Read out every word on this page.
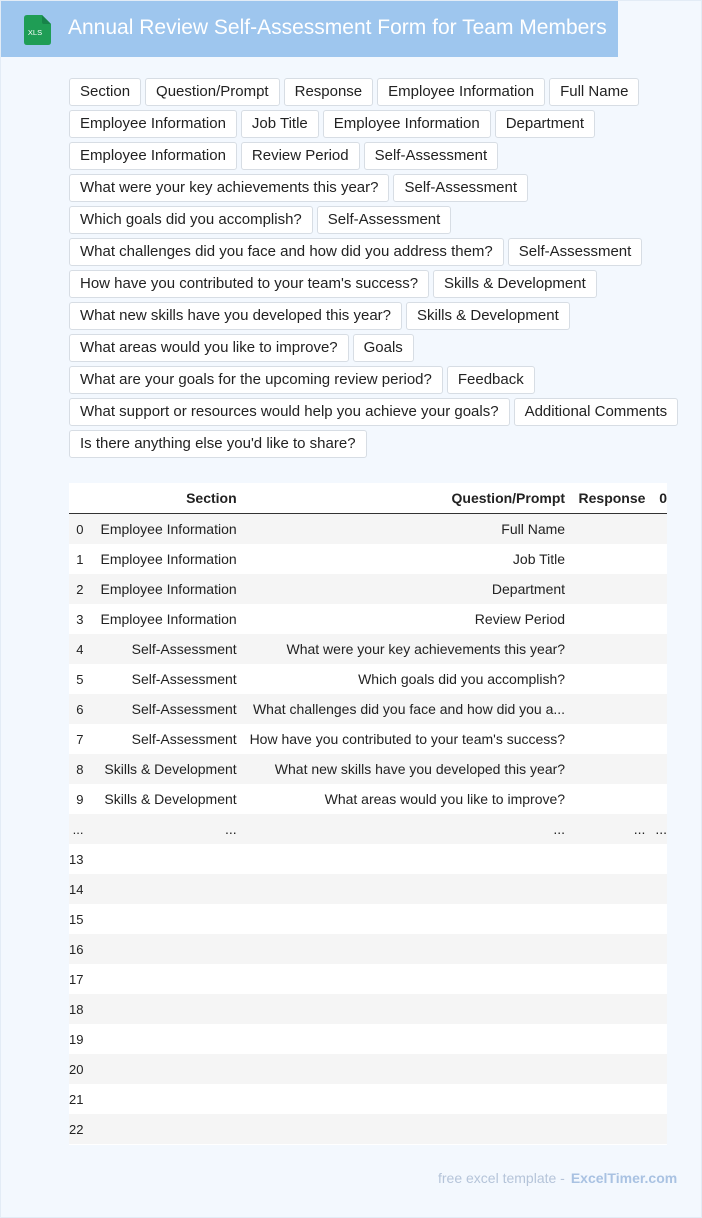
XLS Annual Review Self-Assessment Form for Team Members
Section	Question/Prompt	Response	Employee Information	Full Name
Employee Information	Job Title	Employee Information	Department
Employee Information	Review Period	Self-Assessment
What were your key achievements this year?	Self-Assessment
Which goals did you accomplish?	Self-Assessment
What challenges did you face and how did you address them?	Self-Assessment
How have you contributed to your team's success?	Skills & Development
What new skills have you developed this year?	Skills & Development
What areas would you like to improve?	Goals
What are your goals for the upcoming review period?	Feedback
What support or resources would help you achieve your goals?	Additional Comments
Is there anything else you'd like to share?
	Section	Question/Prompt	Response	0
0	Employee Information	Full Name		
1	Employee Information	Job Title		
2	Employee Information	Department		
3	Employee Information	Review Period		
4	Self-Assessment	What were your key achievements this year?		
5	Self-Assessment	Which goals did you accomplish?		
6	Self-Assessment	What challenges did you face and how did you a...		
7	Self-Assessment	How have you contributed to your team's success?		
8	Skills & Development	What new skills have you developed this year?		
9	Skills & Development	What areas would you like to improve?		
...	...	...	...	...
13				
14				
15				
16				
17				
18				
19				
20				
21				
22				
free excel template - ExcelTimer.com
